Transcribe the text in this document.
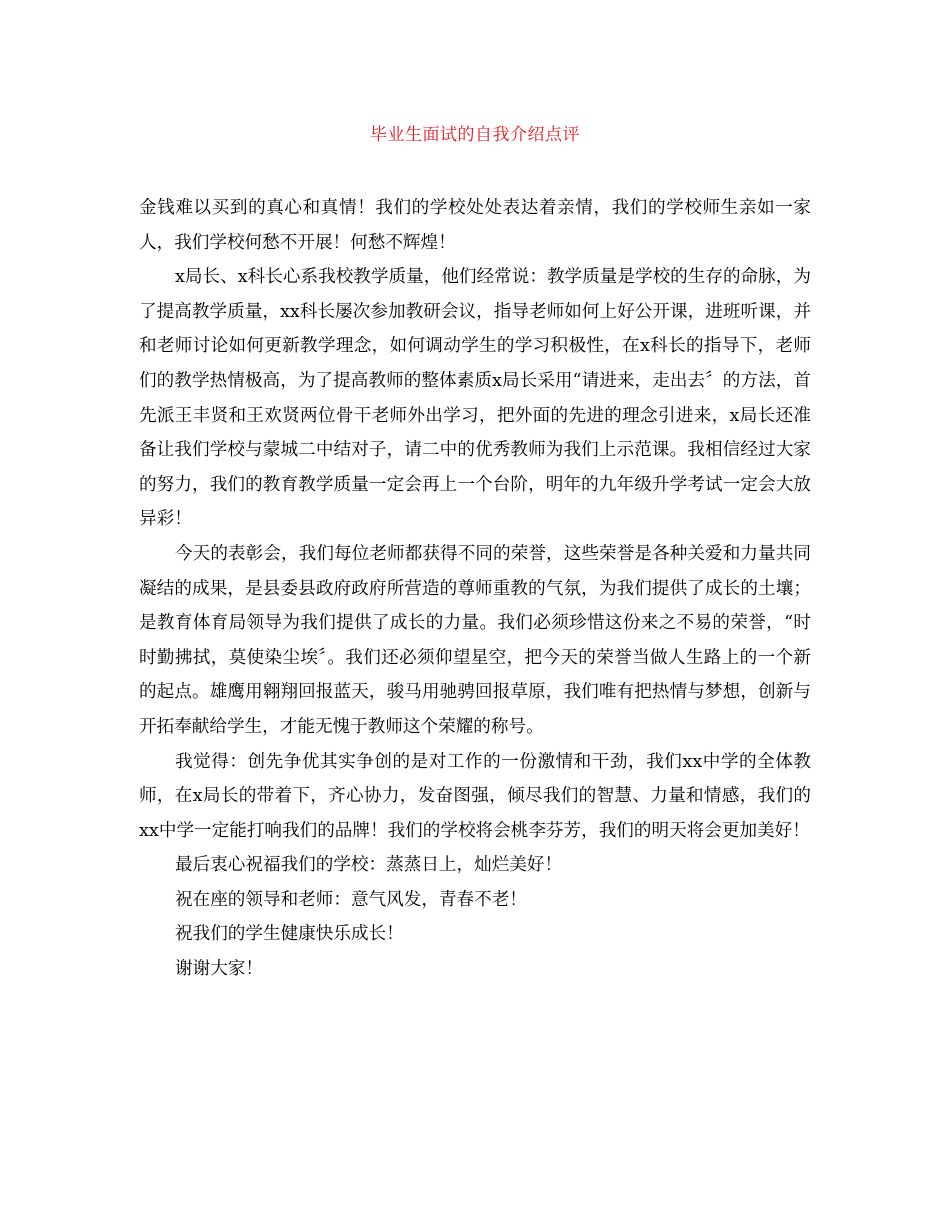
毕业生面试的自我介绍点评

金钱难以买到的真心和真情！我们的学校处处表达着亲情，我们的学校师生亲如一家人，我们学校何愁不开展！何愁不辉煌！

x局长、x科长心系我校教学质量，他们经常说：教学质量是学校的生存的命脉，为了提高教学质量，xx科长屡次参加教研会议，指导老师如何上好公开课，进班听课，并和老师讨论如何更新教学理念，如何调动学生的学习积极性，在x科长的指导下，老师们的教学热情极高，为了提高教师的整体素质x局长采用“请进来，走出去〞的方法，首先派王丰贤和王欢贤两位骨干老师外出学习，把外面的先进的理念引进来，x局长还准备让我们学校与蒙城二中结对子，请二中的优秀教师为我们上示范课。我相信经过大家的努力，我们的教育教学质量一定会再上一个台阶，明年的九年级升学考试一定会大放异彩！

今天的表彰会，我们每位老师都获得不同的荣誉，这些荣誉是各种关爱和力量共同凝结的成果，是县委县政府政府所营造的尊师重教的气氛，为我们提供了成长的土壤；是教育体育局领导为我们提供了成长的力量。我们必须珍惜这份来之不易的荣誉，“时时勤拂拭，莫使染尘埃〞。我们还必须仰望星空，把今天的荣誉当做人生路上的一个新的起点。雄鹰用翱翔回报蓝天，骏马用驰骋回报草原，我们唯有把热情与梦想，创新与开拓奉献给学生，才能无愧于教师这个荣耀的称号。

我觉得：创先争优其实争创的是对工作的一份激情和干劲，我们xx中学的全体教师，在x局长的带着下，齐心协力，发奋图强，倾尽我们的智慧、力量和情感，我们的xx中学一定能打响我们的品牌！我们的学校将会桃李芬芳，我们的明天将会更加美好！

最后衷心祝福我们的学校：蒸蒸日上，灿烂美好！

祝在座的领导和老师：意气风发，青春不老！

祝我们的学生健康快乐成长！

谢谢大家！
